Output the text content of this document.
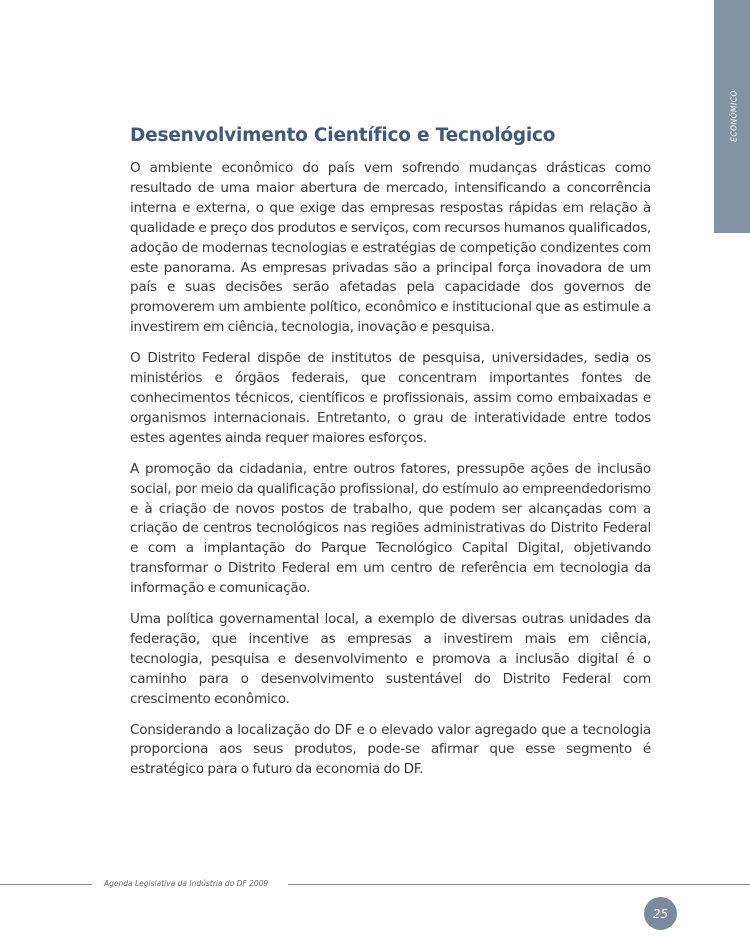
ECONÔMICO
Desenvolvimento Científico e Tecnológico

O ambiente econômico do país vem sofrendo mudanças drásticas como resultado de uma maior abertura de mercado, intensificando a concorrência interna e externa, o que exige das empresas respostas rápidas em relação à qualidade e preço dos produtos e serviços, com recursos humanos qualificados, adoção de modernas tecnologias e estratégias de competição condizentes com este panorama. As empresas privadas são a principal força inovadora de um país e suas decisões serão afetadas pela capacidade dos governos de promoverem um ambiente político, econômico e institucional que as estimule a investirem em ciência, tecnologia, inovação e pesquisa.

O Distrito Federal dispõe de institutos de pesquisa, universidades, sedia os ministérios e órgãos federais, que concentram importantes fontes de conhecimentos técnicos, científicos e profissionais, assim como embaixadas e organismos internacionais. Entretanto, o grau de interatividade entre todos estes agentes ainda requer maiores esforços.

A promoção da cidadania, entre outros fatores, pressupõe ações de inclusão social, por meio da qualificação profissional, do estímulo ao empreendedorismo e à criação de novos postos de trabalho, que podem ser alcançadas com a criação de centros tecnológicos nas regiões administrativas do Distrito Federal e com a implantação do Parque Tecnológico Capital Digital, objetivando transformar o Distrito Federal em um centro de referência em tecnologia da informação e comunicação.

Uma política governamental local, a exemplo de diversas outras unidades da federação, que incentive as empresas a investirem mais em ciência, tecnologia, pesquisa e desenvolvimento e promova a inclusão digital é o caminho para o desenvolvimento sustentável do Distrito Federal com crescimento econômico.

Considerando a localização do DF e o elevado valor agregado que a tecnologia proporciona aos seus produtos, pode-se afirmar que esse segmento é estratégico para o futuro da economia do DF.

Agenda Legislativa da Indústria do DF 2009
25
